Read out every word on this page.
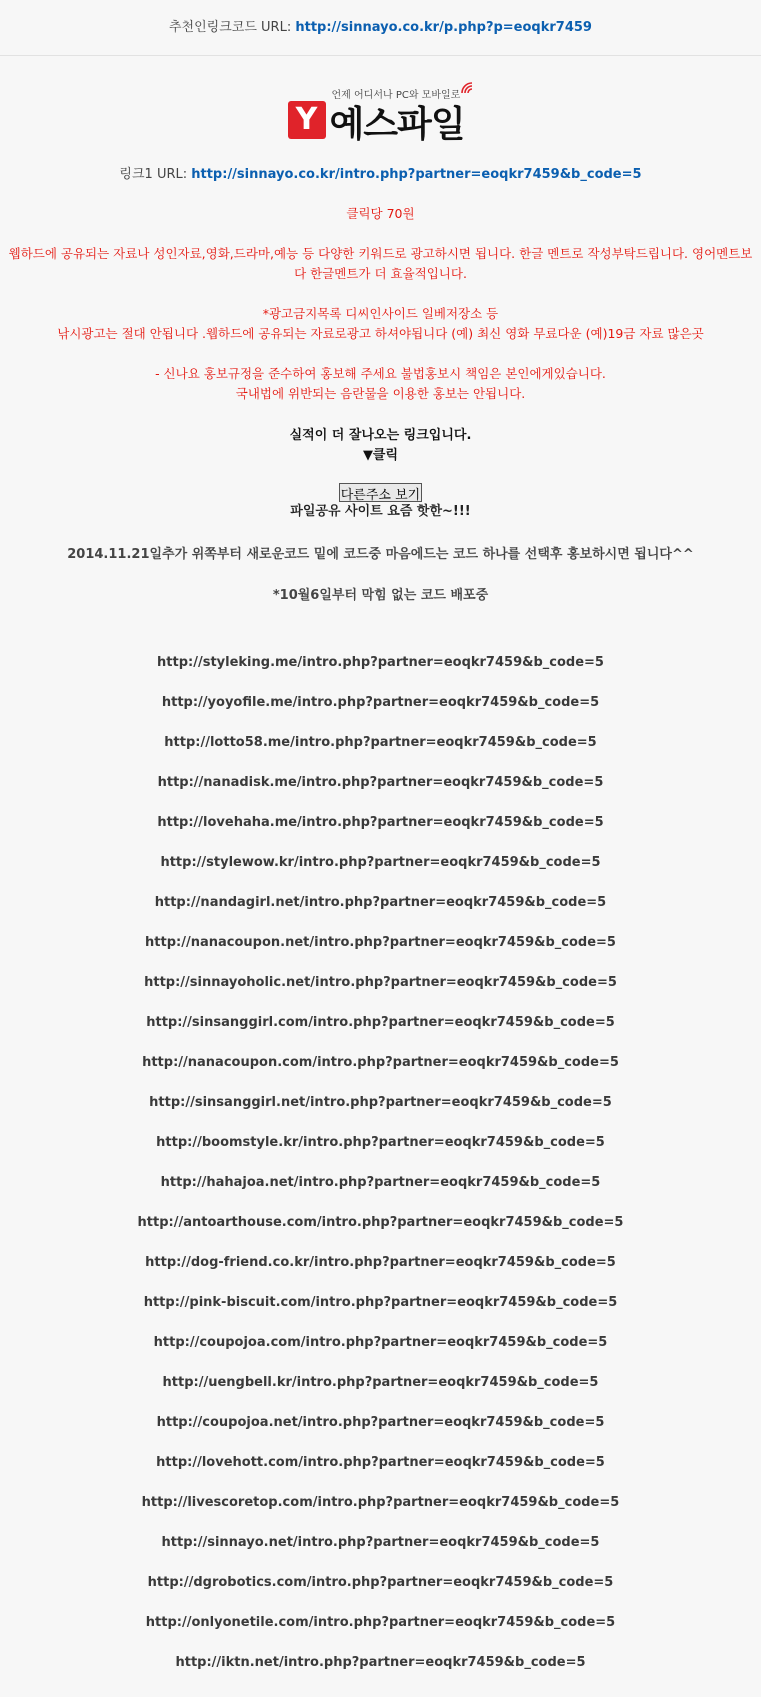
추천인링크코드 URL: http://sinnayo.co.kr/p.php?p=eoqkr7459
언제 어디서나 PC와 모바일로
Y 예스파일
링크1 URL: http://sinnayo.co.kr/intro.php?partner=eoqkr7459&b_code=5
클릭당 70원
웹하드에 공유되는 자료나 성인자료,영화,드라마,예능 등 다양한 키워드로 광고하시면 됩니다. 한글 멘트로 작성부탁드립니다. 영어멘트보다 한글멘트가 더 효율적입니다.
*광고금지목록 디씨인사이드 일베저장소 등
낚시광고는 절대 안됩니다 .웹하드에 공유되는 자료로광고 하셔야됩니다 (예) 최신 영화 무료다운 (예)19금 자료 많은곳
- 신나요 홍보규정을 준수하여 홍보해 주세요 불법홍보시 책임은 본인에게있습니다.
국내법에 위반되는 음란물을 이용한 홍보는 안됩니다.
실적이 더 잘나오는 링크입니다.
▼클릭
다른주소 보기
파일공유 사이트 요즘 핫한~!!!
2014.11.21일추가 위쪽부터 새로운코드 밑에 코드중 마음에드는 코드 하나를 선택후 홍보하시면 됩니다^^
*10월6일부터 막힘 없는 코드 배포중
http://styleking.me/intro.php?partner=eoqkr7459&b_code=5
http://yoyofile.me/intro.php?partner=eoqkr7459&b_code=5
http://lotto58.me/intro.php?partner=eoqkr7459&b_code=5
http://nanadisk.me/intro.php?partner=eoqkr7459&b_code=5
http://lovehaha.me/intro.php?partner=eoqkr7459&b_code=5
http://stylewow.kr/intro.php?partner=eoqkr7459&b_code=5
http://nandagirl.net/intro.php?partner=eoqkr7459&b_code=5
http://nanacoupon.net/intro.php?partner=eoqkr7459&b_code=5
http://sinnayoholic.net/intro.php?partner=eoqkr7459&b_code=5
http://sinsanggirl.com/intro.php?partner=eoqkr7459&b_code=5
http://nanacoupon.com/intro.php?partner=eoqkr7459&b_code=5
http://sinsanggirl.net/intro.php?partner=eoqkr7459&b_code=5
http://boomstyle.kr/intro.php?partner=eoqkr7459&b_code=5
http://hahajoa.net/intro.php?partner=eoqkr7459&b_code=5
http://antoarthouse.com/intro.php?partner=eoqkr7459&b_code=5
http://dog-friend.co.kr/intro.php?partner=eoqkr7459&b_code=5
http://pink-biscuit.com/intro.php?partner=eoqkr7459&b_code=5
http://coupojoa.com/intro.php?partner=eoqkr7459&b_code=5
http://uengbell.kr/intro.php?partner=eoqkr7459&b_code=5
http://coupojoa.net/intro.php?partner=eoqkr7459&b_code=5
http://lovehott.com/intro.php?partner=eoqkr7459&b_code=5
http://livescoretop.com/intro.php?partner=eoqkr7459&b_code=5
http://sinnayo.net/intro.php?partner=eoqkr7459&b_code=5
http://dgrobotics.com/intro.php?partner=eoqkr7459&b_code=5
http://onlyonetile.com/intro.php?partner=eoqkr7459&b_code=5
http://iktn.net/intro.php?partner=eoqkr7459&b_code=5
